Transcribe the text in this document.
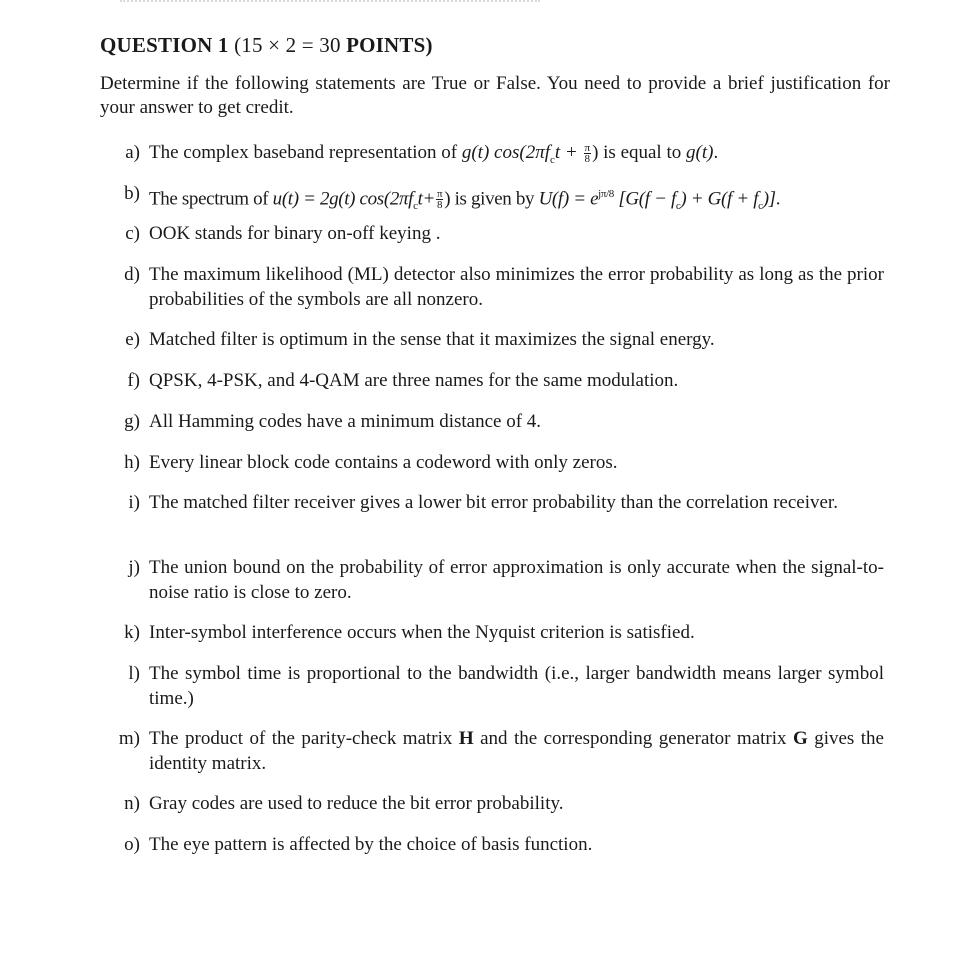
QUESTION 1 (15 × 2 = 30 POINTS)
Determine if the following statements are True or False. You need to provide a brief justification for your answer to get credit.
a) The complex baseband representation of g(t) $\cos(2\pi f_ct + \frac{\pi}{8}$ ) is equal to g(t).
b) The spectrum of u(t) = 2g(t) $\cos(2\pi f_ct+ \frac{\pi}{8}$ ) is given by $U(f) = e^{j\pi/8}$ $[G(f - f_c) + G(f + f_c)]$.
c) OOK stands for binary on-off keying .
d) The maximum likelihood (ML) detector also minimizes the error probability as long as the prior probabilities of the symbols are all nonzero.
e) Matched filter is optimum in the sense that it maximizes the signal energy.
f) QPSK, 4-PSK, and 4-QAM are three names for the same modulation.
g) All Hamming codes have a minimum distance of 4.
h) Every linear block code contains a codeword with only zeros.
i) The matched filter receiver gives a lower bit error probability than the correlation receiver.
j) The union bound on the probability of error approximation is only accurate when the signal-to-noise ratio is close to zero.
k) Inter-symbol interference occurs when the Nyquist criterion is satisfied.
l) The symbol time is proportional to the bandwidth (i.e., larger bandwidth means larger symbol time.)
m) The product of the parity-check matrix H and the corresponding generator matrix G gives the identity matrix.
n) Gray codes are used to reduce the bit error probability.
o) The eye pattern is affected by the choice of basis function.
